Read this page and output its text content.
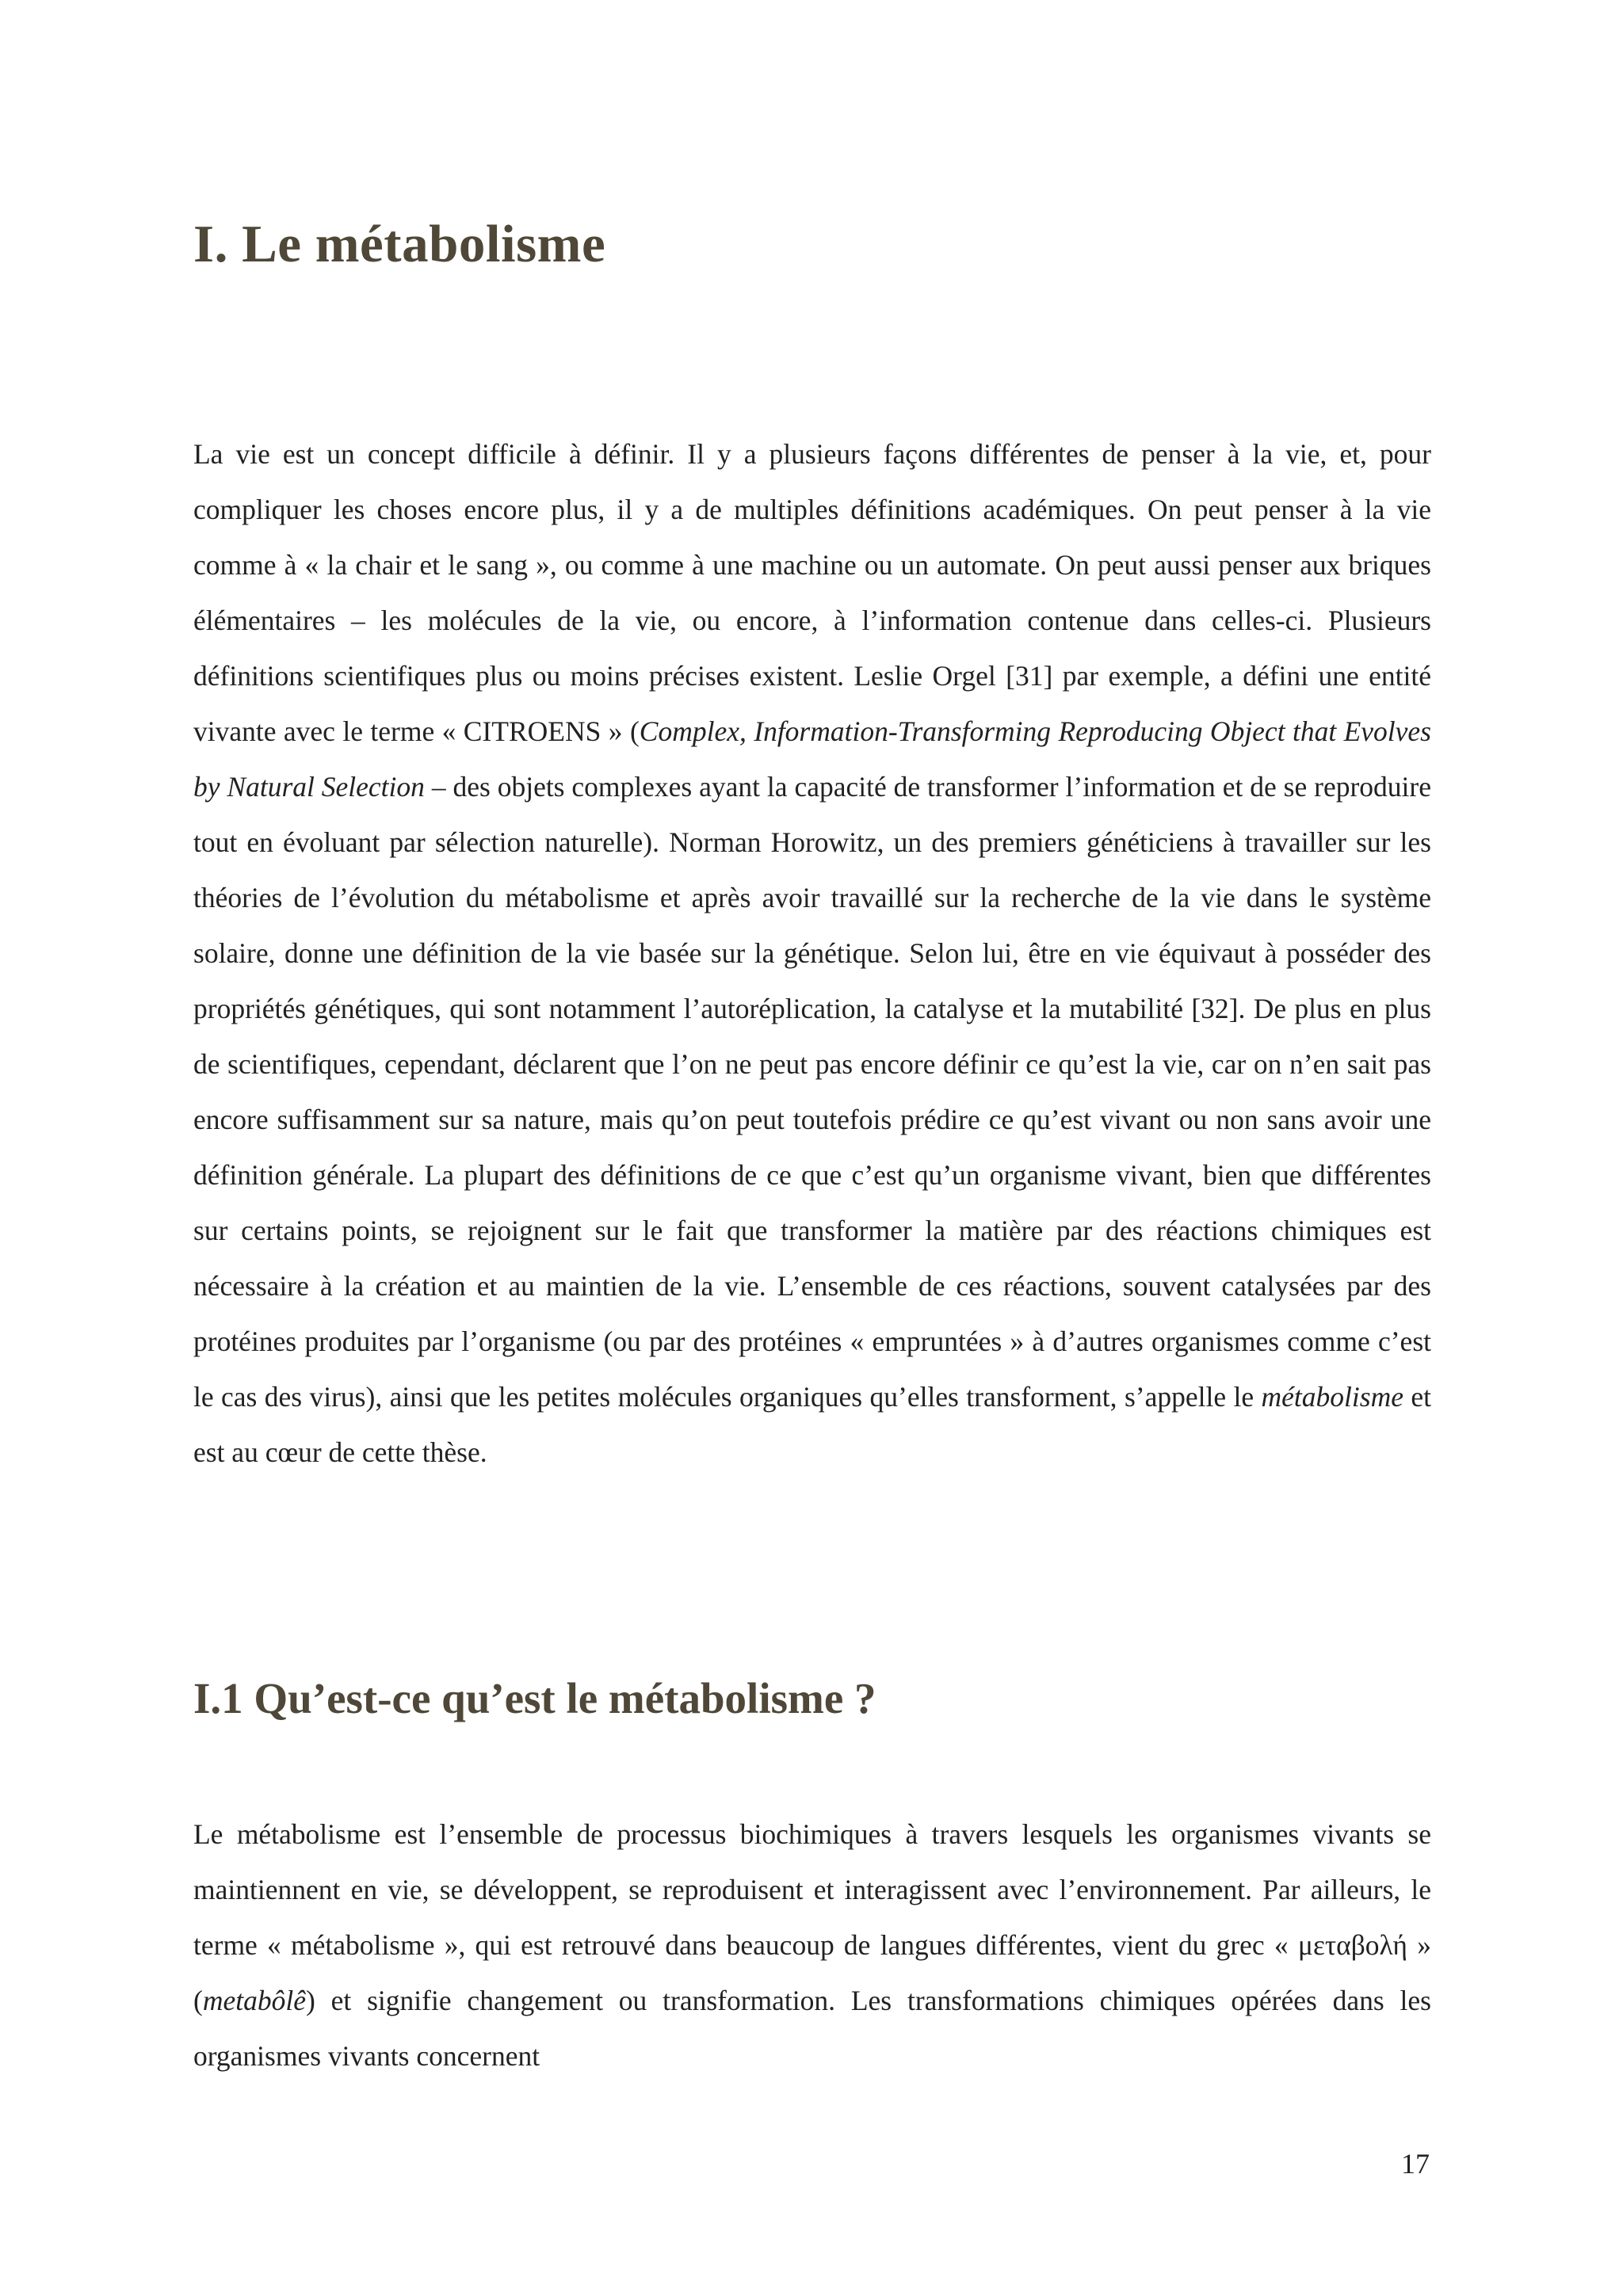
I. Le métabolisme

La vie est un concept difficile à définir. Il y a plusieurs façons différentes de penser à la vie, et, pour compliquer les choses encore plus, il y a de multiples définitions académiques. On peut penser à la vie comme à « la chair et le sang », ou comme à une machine ou un automate. On peut aussi penser aux briques élémentaires – les molécules de la vie, ou encore, à l’information contenue dans celles-ci. Plusieurs définitions scientifiques plus ou moins précises existent. Leslie Orgel [31] par exemple, a défini une entité vivante avec le terme « CITROENS » (Complex, Information-Transforming Reproducing Object that Evolves by Natural Selection – des objets complexes ayant la capacité de transformer l’information et de se reproduire tout en évoluant par sélection naturelle). Norman Horowitz, un des premiers généticiens à travailler sur les théories de l’évolution du métabolisme et après avoir travaillé sur la recherche de la vie dans le système solaire, donne une définition de la vie basée sur la génétique. Selon lui, être en vie équivaut à posséder des propriétés génétiques, qui sont notamment l’autoréplication, la catalyse et la mutabilité [32]. De plus en plus de scientifiques, cependant, déclarent que l’on ne peut pas encore définir ce qu’est la vie, car on n’en sait pas encore suffisamment sur sa nature, mais qu’on peut toutefois prédire ce qu’est vivant ou non sans avoir une définition générale. La plupart des définitions de ce que c’est qu’un organisme vivant, bien que différentes sur certains points, se rejoignent sur le fait que transformer la matière par des réactions chimiques est nécessaire à la création et au maintien de la vie. L’ensemble de ces réactions, souvent catalysées par des protéines produites par l’organisme (ou par des protéines « empruntées » à d’autres organismes comme c’est le cas des virus), ainsi que les petites molécules organiques qu’elles transforment, s’appelle le métabolisme et est au cœur de cette thèse.

I.1 Qu’est-ce qu’est le métabolisme ?

Le métabolisme est l’ensemble de processus biochimiques à travers lesquels les organismes vivants se maintiennent en vie, se développent, se reproduisent et interagissent avec l’environnement. Par ailleurs, le terme « métabolisme », qui est retrouvé dans beaucoup de langues différentes, vient du grec « μεταβολή » (metabôlê) et signifie changement ou transformation. Les transformations chimiques opérées dans les organismes vivants concernent

17
